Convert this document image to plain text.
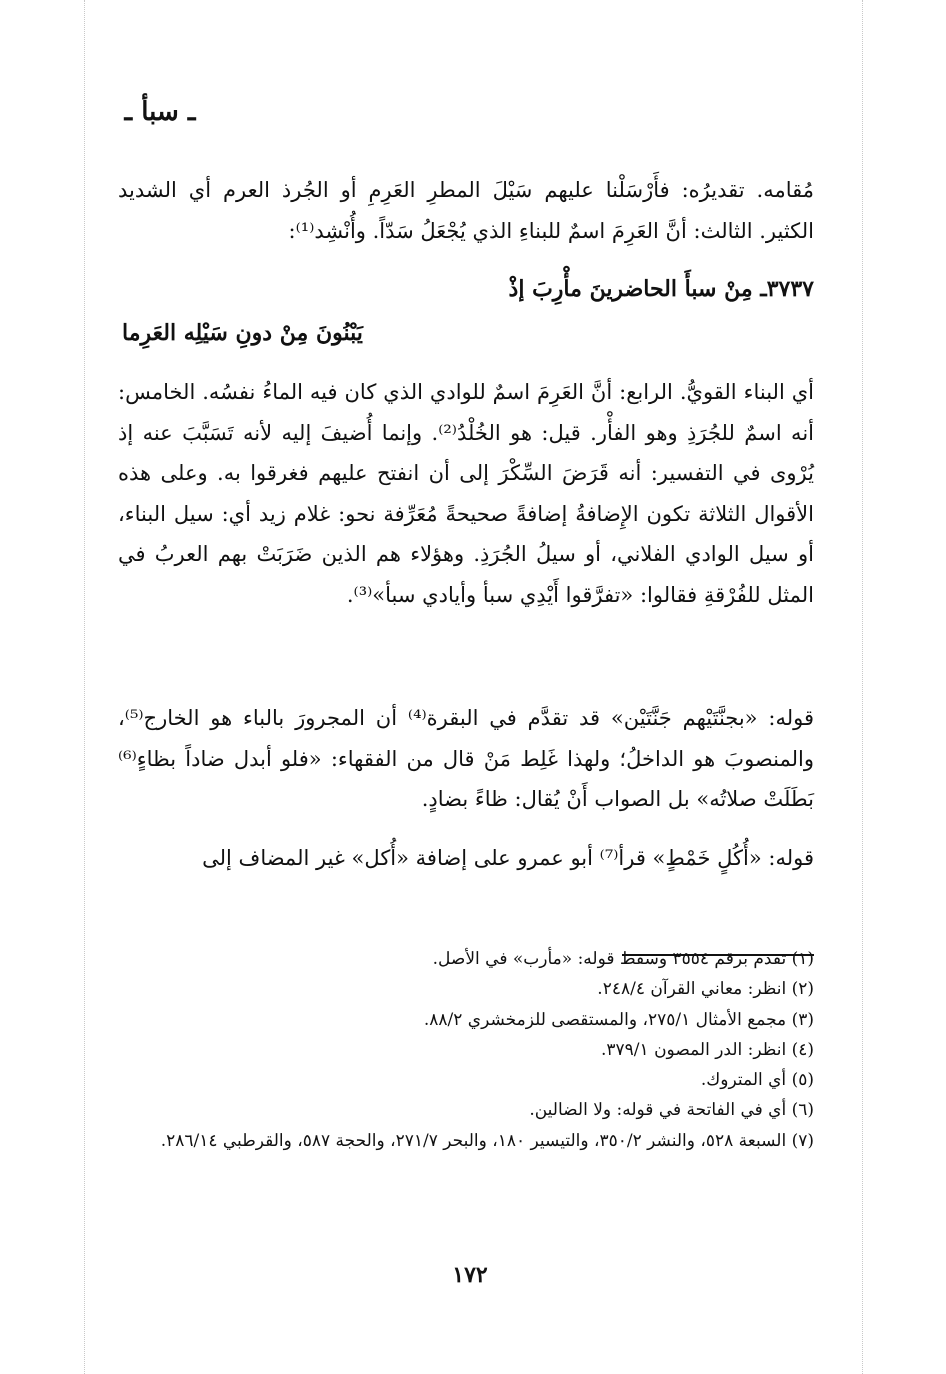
ـ سبأ ـ

مُقامه. تقديرُه: فأَرْسَلْنا عليهم سَيْلَ المطرِ العَرِمِ أو الجُرذ العرم أي الشديد الكثير. الثالث: أنَّ العَرِمَ اسمٌ للبناءِ الذي يُجْعَلُ سَدّاً. وأُنْشِد⁽¹⁾:

٣٧٣٧ـ مِنْ سبأَ الحاضرينَ مأْرِبَ إذْ
يَبْنُونَ مِنْ دونِ سَيْلِه العَرِما

أي البناء القويُّ. الرابع: أنَّ العَرِمَ اسمٌ للوادي الذي كان فيه الماءُ نفسُه. الخامس: أنه اسمٌ للجُرَذِ وهو الفأْر. قيل: هو الخُلْدُ⁽²⁾. وإنما أُضيفَ إليه لأنه تَسَبَّبَ عنه إذ يُرْوى في التفسير: أنه قَرَضَ السِّكْرَ إلى أن انفتح عليهم فغرقوا به. وعلى هذه الأقوال الثلاثة تكون الإِضافةُ إضافةً صحيحةً مُعَرِّفة نحو: غلام زيد أي: سيل البناء، أو سيل الوادي الفلاني، أو سيلُ الجُرَذِ. وهؤلاء هم الذين ضَرَبَتْ بهم العربُ في المثل للفُرْقةِ فقالوا: «تفرَّقوا أَيْدِي سبأ وأيادي سبأ»⁽³⁾.

قوله: «بجنَّتَيْهم جَنَّتَيْن» قد تقدَّم في البقرة⁽⁴⁾ أن المجرورَ بالباء هو الخارج⁽⁵⁾، والمنصوبَ هو الداخلُ؛ ولهذا غَلِط مَنْ قال من الفقهاء: «فلو أبدل ضاداً بظاءٍ⁽⁶⁾ بَطَلَتْ صلاتُه» بل الصواب أَنْ يُقال: ظاءً بضادٍ.

قوله: «أُكُلٍ خَمْطٍ» قرأ⁽⁷⁾ أبو عمرو على إضافة «أُكل» غير المضاف إلى

(١) تقدم برقم ٣٥٥٤ وسقط قوله: «مأرب» في الأصل.
(٢) انظر: معاني القرآن ٢٤٨/٤.
(٣) مجمع الأمثال ٢٧٥/١، والمستقصى للزمخشري ٨٨/٢.
(٤) انظر: الدر المصون ٣٧٩/١.
(٥) أي المتروك.
(٦) أي في الفاتحة في قوله: ولا الضالين.
(٧) السبعة ٥٢٨، والنشر ٣٥٠/٢، والتيسير ١٨٠، والبحر ٢٧١/٧، والحجة ٥٨٧، والقرطبي ٢٨٦/١٤.
١٧٢
